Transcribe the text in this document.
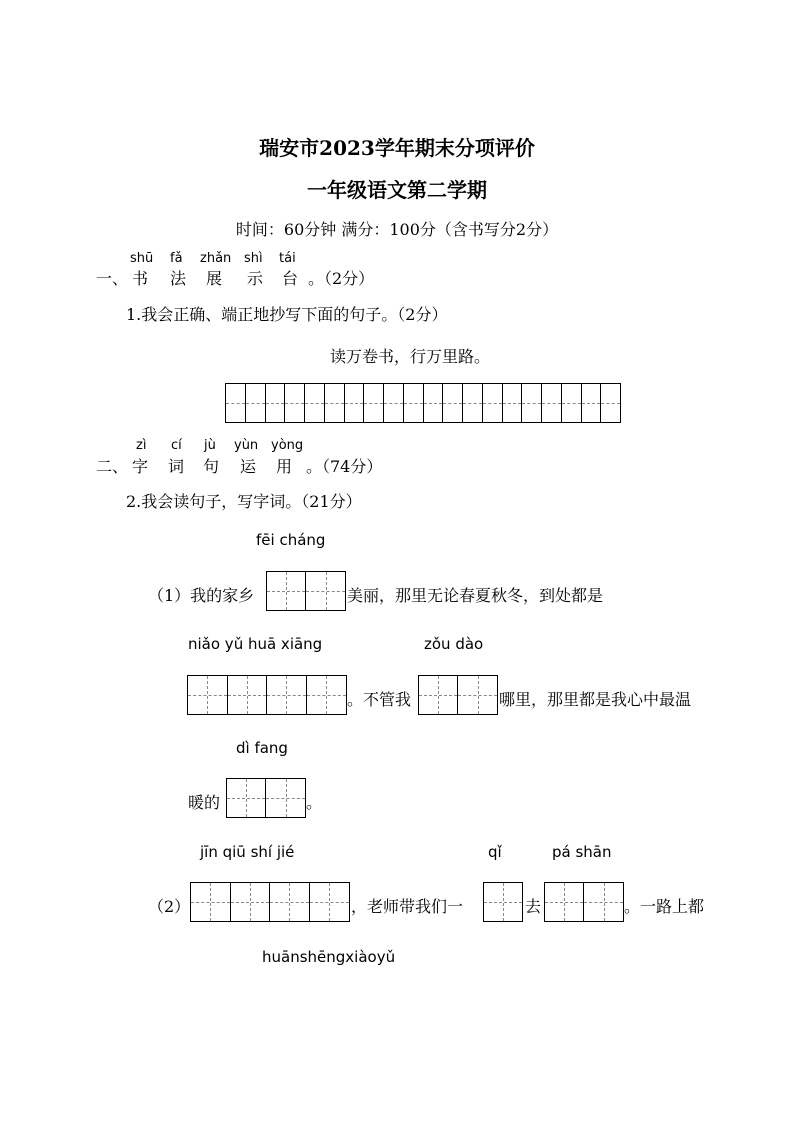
瑞安市2023学年期末分项评价
一年级语文第二学期
时间：60分钟 满分：100分（含书写分2分）
一、
shū
书
fǎ
法
zhǎn
展
shì
示
tái
台 。（2分）
1.我会正确、端正地抄写下面的句子。（2分）
读万卷书，行万里路。
二、
zì
字
cí
词
jù
句
yùn
运
yòng
用 。（74分）
2.我会读句子，写字词。（21分）
fēi cháng
（1）我的家乡	美丽，那里无论春夏秋冬，到处都是
niǎo yǔ huā xiāng	zǒu dào
。不管我	哪里，那里都是我心中最温
dì fang
暖的	。
jīn qiū shí jié	qǐ	pá shān
（2）	，老师带我们一	去	。一路上都
huānshēngxiàoyǔ
